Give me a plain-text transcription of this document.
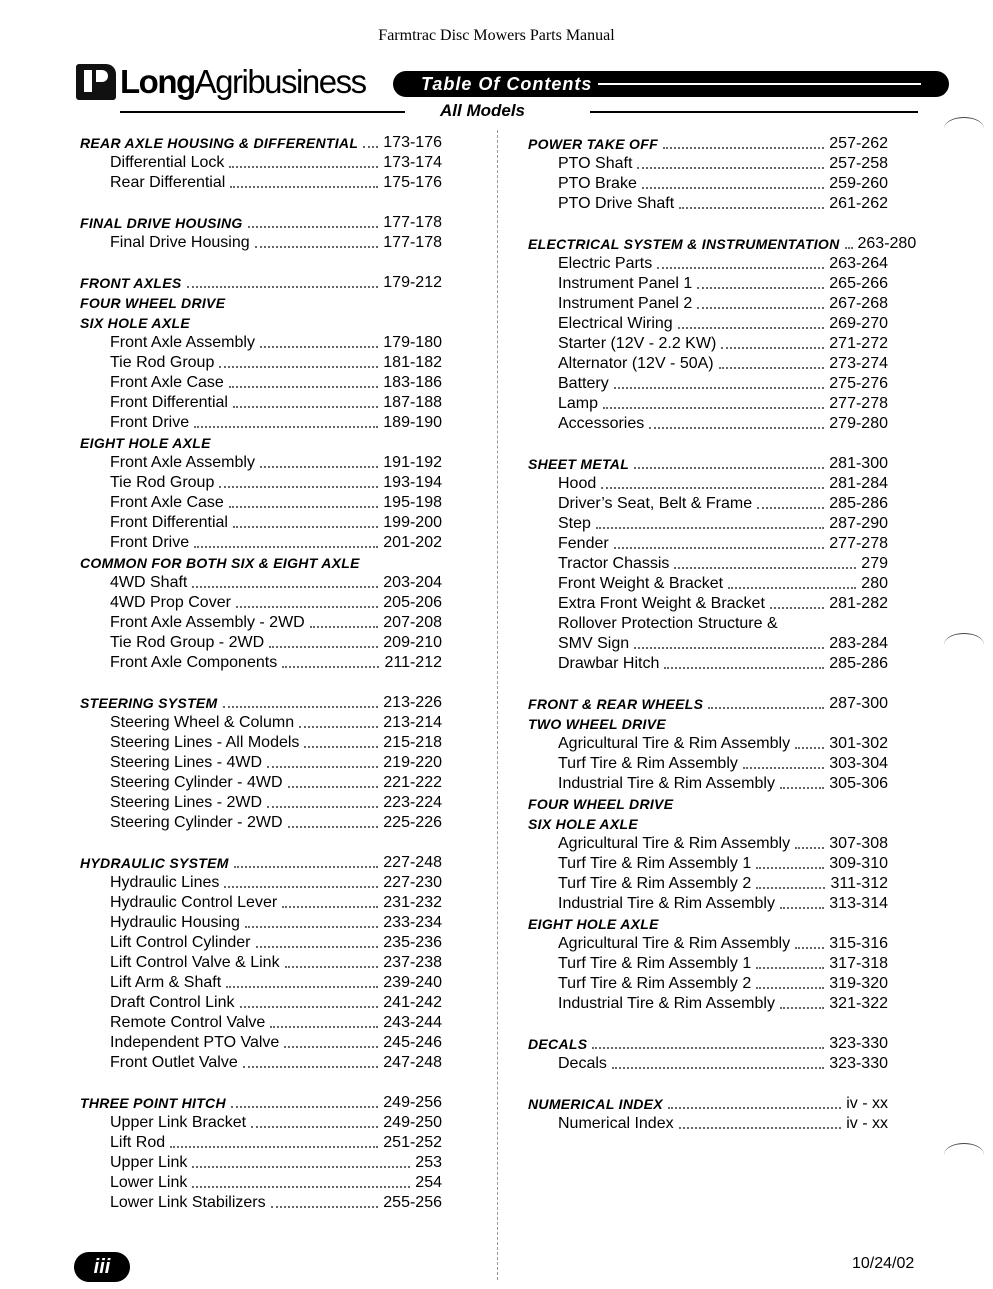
Farmtrac Disc Mowers Parts Manual
LongAgribusiness	Table Of Contents
All Models
REAR AXLE HOUSING & DIFFERENTIAL 173-176
Differential Lock	173-174
Rear Differential	175-176
FINAL DRIVE HOUSING	177-178
Final Drive Housing	177-178
FRONT AXLES	179-212
FOUR WHEEL DRIVE
SIX HOLE AXLE
Front Axle Assembly	179-180
Tie Rod Group	181-182
Front Axle Case	183-186
Front Differential	187-188
Front Drive	189-190
EIGHT HOLE AXLE
Front Axle Assembly	191-192
Tie Rod Group	193-194
Front Axle Case	195-198
Front Differential	199-200
Front Drive	201-202
COMMON FOR BOTH SIX & EIGHT AXLE
4WD Shaft	203-204
4WD Prop Cover	205-206
Front Axle Assembly - 2WD	207-208
Tie Rod Group - 2WD	209-210
Front Axle Components	211-212
STEERING SYSTEM	213-226
Steering Wheel & Column	213-214
Steering Lines - All Models	215-218
Steering Lines - 4WD	219-220
Steering Cylinder - 4WD	221-222
Steering Lines - 2WD	223-224
Steering Cylinder - 2WD	225-226
HYDRAULIC SYSTEM	227-248
Hydraulic Lines	227-230
Hydraulic Control Lever	231-232
Hydraulic Housing	233-234
Lift Control Cylinder	235-236
Lift Control Valve & Link	237-238
Lift Arm & Shaft	239-240
Draft Control Link	241-242
Remote Control Valve	243-244
Independent PTO Valve	245-246
Front Outlet Valve	247-248
THREE POINT HITCH	249-256
Upper Link Bracket	249-250
Lift Rod	251-252
Upper Link	253
Lower Link	254
Lower Link Stabilizers	255-256
POWER TAKE OFF	257-262
PTO Shaft	257-258
PTO Brake	259-260
PTO Drive Shaft	261-262
ELECTRICAL SYSTEM & INSTRUMENTATION 263-280
Electric Parts	263-264
Instrument Panel 1	265-266
Instrument Panel 2	267-268
Electrical Wiring	269-270
Starter (12V - 2.2 KW)	271-272
Alternator (12V - 50A)	273-274
Battery	275-276
Lamp	277-278
Accessories	279-280
SHEET METAL	281-300
Hood	281-284
Driver’s Seat, Belt & Frame	285-286
Step	287-290
Fender	277-278
Tractor Chassis	279
Front Weight & Bracket	280
Extra Front Weight & Bracket	281-282
Rollover Protection Structure &
SMV Sign	283-284
Drawbar Hitch	285-286
FRONT & REAR WHEELS	287-300
TWO WHEEL DRIVE
Agricultural Tire & Rim Assembly 301-302
Turf Tire & Rim Assembly	303-304
Industrial Tire & Rim Assembly	305-306
FOUR WHEEL DRIVE
SIX HOLE AXLE
Agricultural Tire & Rim Assembly 307-308
Turf Tire & Rim Assembly 1	309-310
Turf Tire & Rim Assembly 2	311-312
Industrial Tire & Rim Assembly	313-314
EIGHT HOLE AXLE
Agricultural Tire & Rim Assembly 315-316
Turf Tire & Rim Assembly 1	317-318
Turf Tire & Rim Assembly 2	319-320
Industrial Tire & Rim Assembly	321-322
DECALS	323-330
Decals	323-330
NUMERICAL INDEX	iv - xx
Numerical Index	iv - xx
iii	10/24/02
